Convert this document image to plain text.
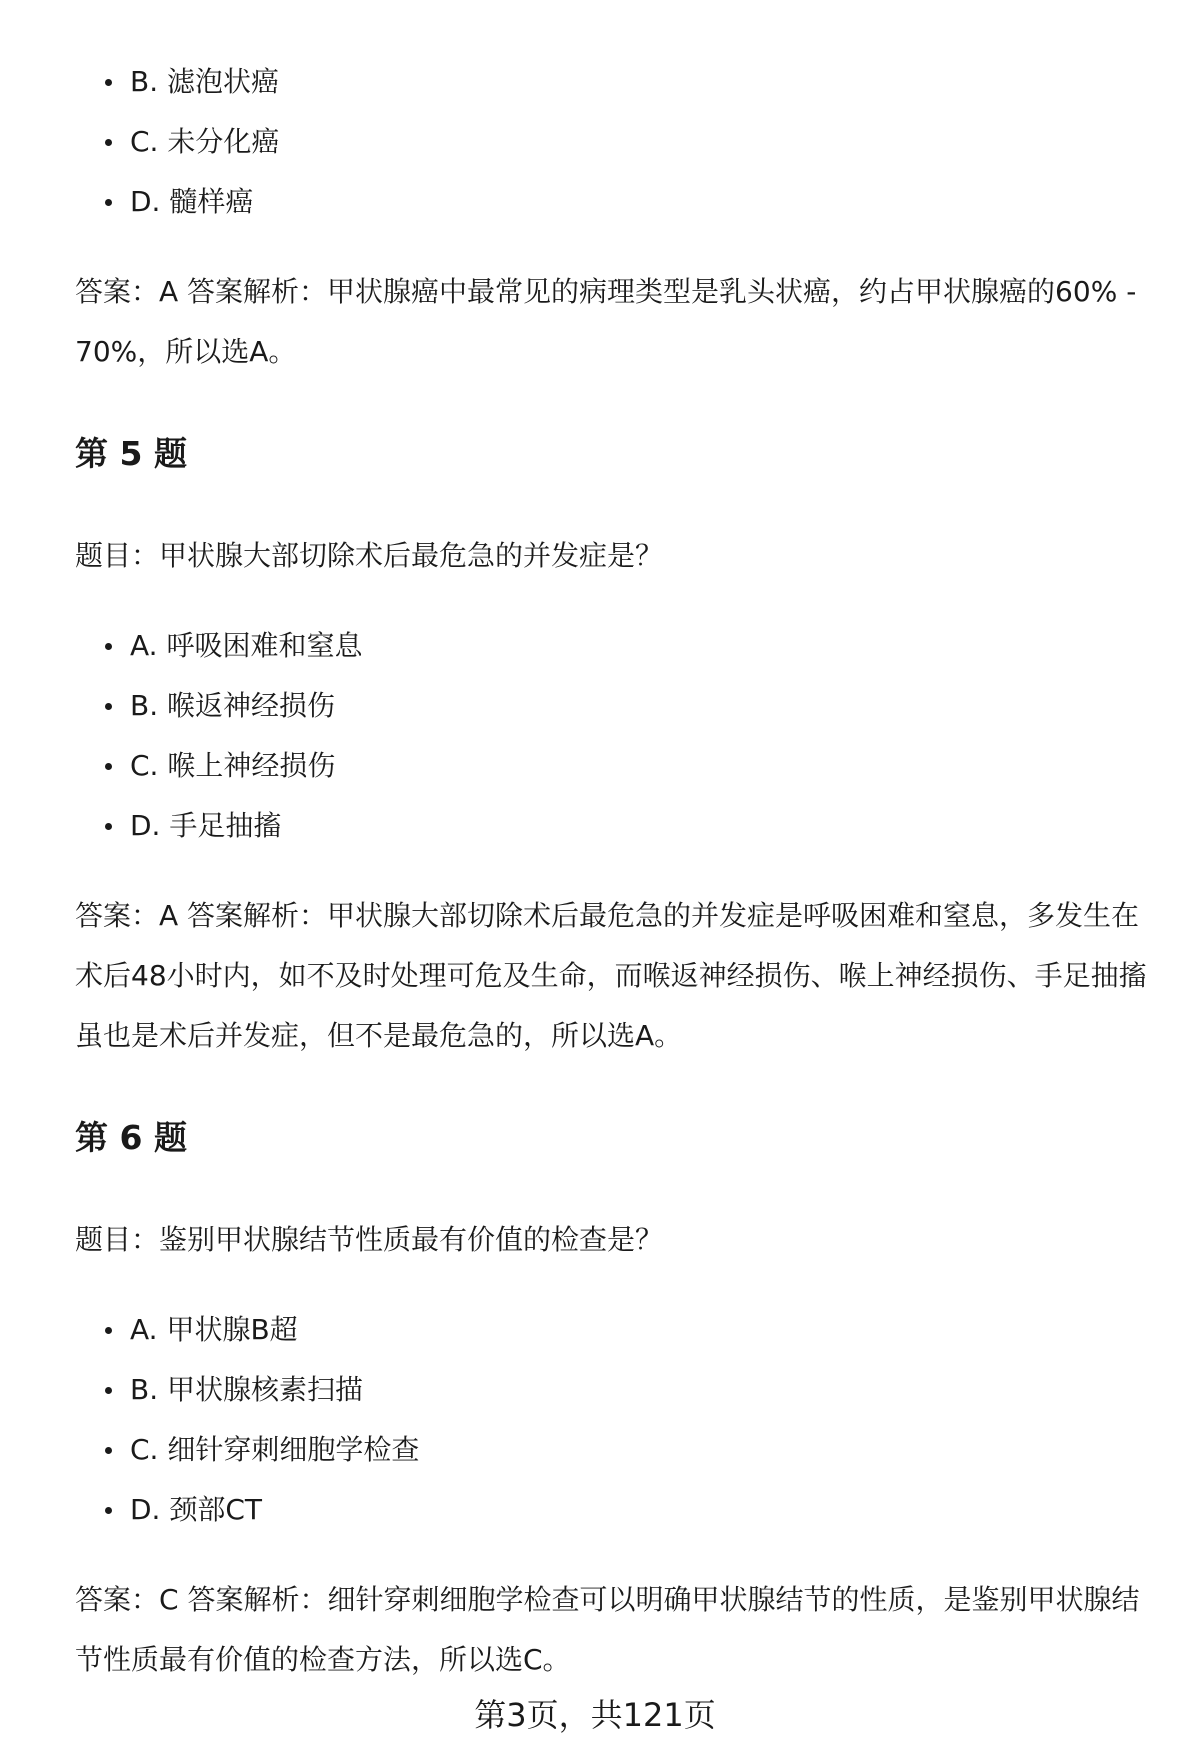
B. 滤泡状癌
C. 未分化癌
D. 髓样癌

答案：A 答案解析：甲状腺癌中最常见的病理类型是乳头状癌，约占甲状腺癌的60% - 70%，所以选A。

第 5 题

题目：甲状腺大部切除术后最危急的并发症是？

A. 呼吸困难和窒息
B. 喉返神经损伤
C. 喉上神经损伤
D. 手足抽搐

答案：A 答案解析：甲状腺大部切除术后最危急的并发症是呼吸困难和窒息，多发生在术后48小时内，如不及时处理可危及生命，而喉返神经损伤、喉上神经损伤、手足抽搐虽也是术后并发症，但不是最危急的，所以选A。

第 6 题

题目：鉴别甲状腺结节性质最有价值的检查是？

A. 甲状腺B超
B. 甲状腺核素扫描
C. 细针穿刺细胞学检查
D. 颈部CT

答案：C 答案解析：细针穿刺细胞学检查可以明确甲状腺结节的性质，是鉴别甲状腺结节性质最有价值的检查方法，所以选C。

第3页，共121页
